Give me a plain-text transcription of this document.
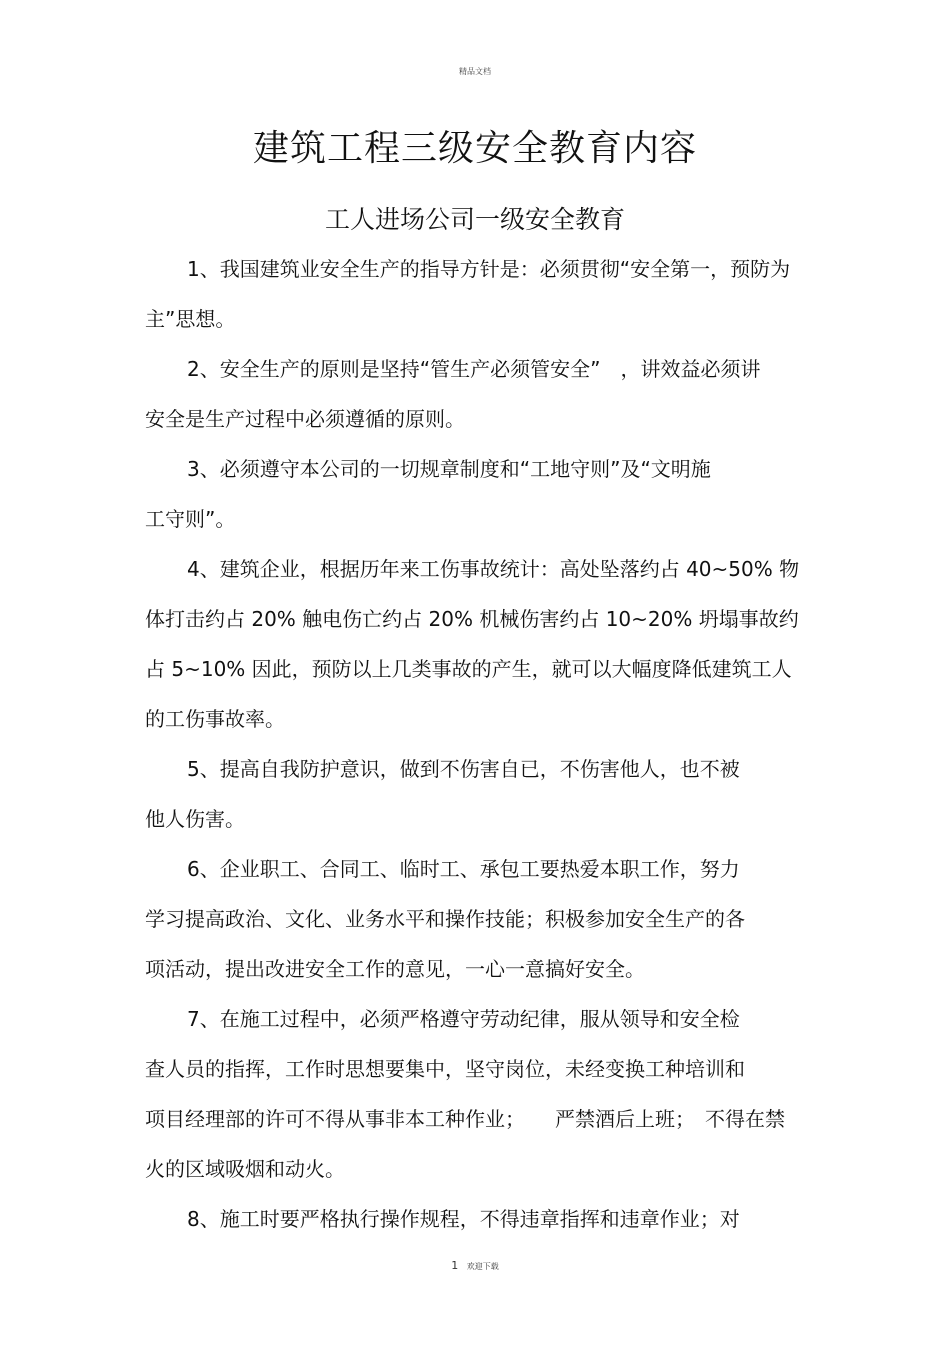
精品文档
建筑工程三级安全教育内容
工人进场公司一级安全教育
1、我国建筑业安全生产的指导方针是：必须贯彻“安全第一，预防为
主”思想。
2、安全生产的原则是坚持“管生产必须管安全”　，讲效益必须讲
安全是生产过程中必须遵循的原则。
3、必须遵守本公司的一切规章制度和“工地守则”及“文明施
工守则”。
4、建筑企业，根据历年来工伤事故统计：高处坠落约占 40~50% 物
体打击约占 20% 触电伤亡约占 20% 机械伤害约占 10~20% 坍塌事故约
占 5~10% 因此，预防以上几类事故的产生，就可以大幅度降低建筑工人
的工伤事故率。
5、提高自我防护意识，做到不伤害自已，不伤害他人，也不被
他人伤害。
6、企业职工、合同工、临时工、承包工要热爱本职工作，努力
学习提高政治、文化、业务水平和操作技能；积极参加安全生产的各
项活动，提出改进安全工作的意见，一心一意搞好安全。
7、在施工过程中，必须严格遵守劳动纪律，服从领导和安全检
查人员的指挥，工作时思想要集中，坚守岗位，未经变换工种培训和
项目经理部的许可不得从事非本工种作业；　　严禁酒后上班；　不得在禁
火的区域吸烟和动火。
8、施工时要严格执行操作规程，不得违章指挥和违章作业；对
1 欢迎下载
